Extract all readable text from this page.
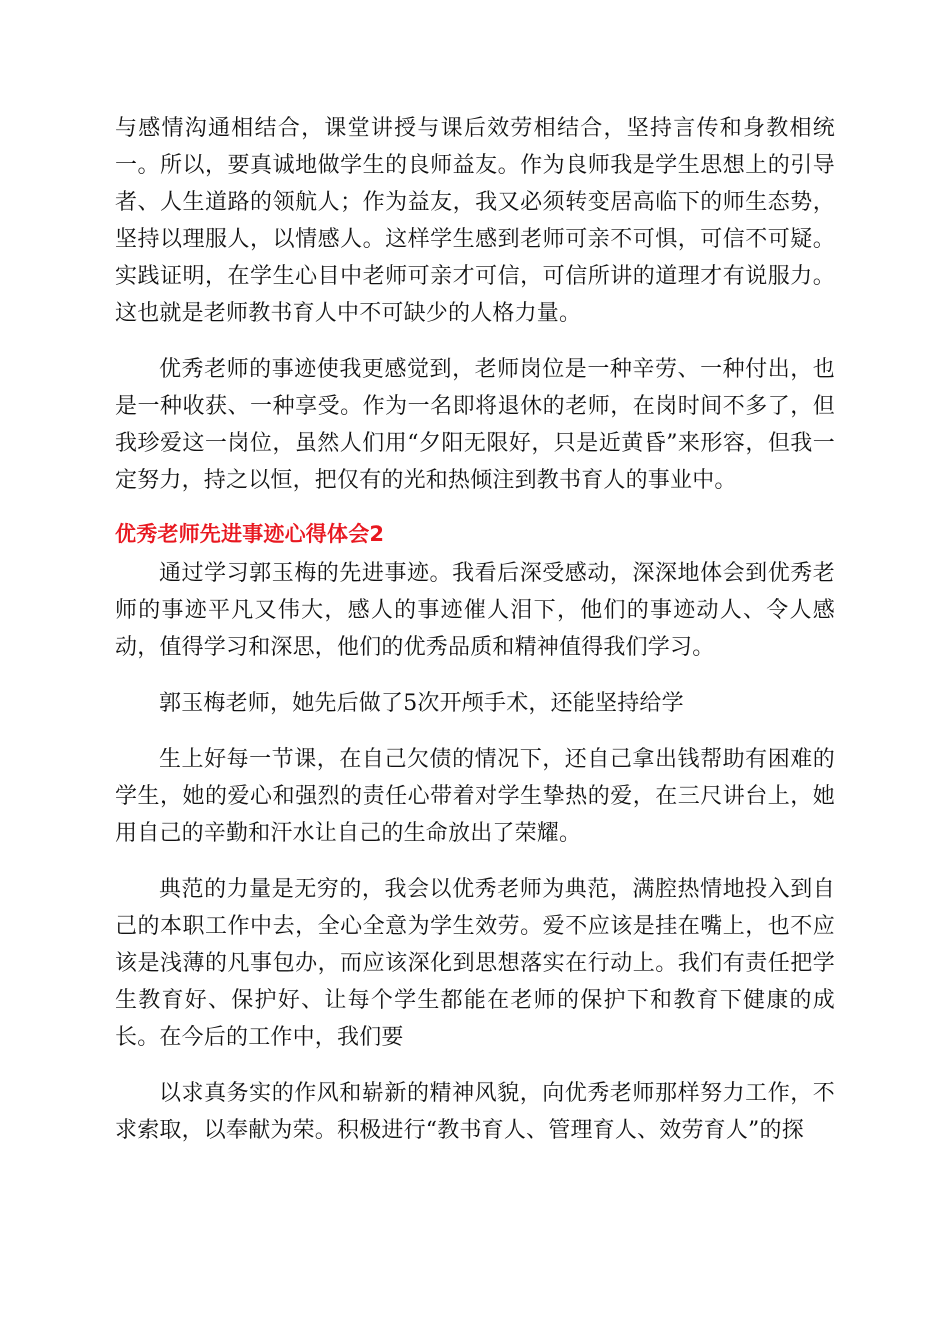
与感情沟通相结合，课堂讲授与课后效劳相结合，坚持言传和身教相统一。所以，要真诚地做学生的良师益友。作为良师我是学生思想上的引导者、人生道路的领航人；作为益友，我又必须转变居高临下的师生态势，坚持以理服人，以情感人。这样学生感到老师可亲不可惧，可信不可疑。实践证明，在学生心目中老师可亲才可信，可信所讲的道理才有说服力。这也就是老师教书育人中不可缺少的人格力量。

优秀老师的事迹使我更感觉到，老师岗位是一种辛劳、一种付出，也是一种收获、一种享受。作为一名即将退休的老师，在岗时间不多了，但我珍爱这一岗位，虽然人们用“夕阳无限好，只是近黄昏”来形容，但我一定努力，持之以恒，把仅有的光和热倾注到教书育人的事业中。

优秀老师先进事迹心得体会2

通过学习郭玉梅的先进事迹。我看后深受感动，深深地体会到优秀老师的事迹平凡又伟大，感人的事迹催人泪下，他们的事迹动人、令人感动，值得学习和深思，他们的优秀品质和精神值得我们学习。

郭玉梅老师，她先后做了5次开颅手术，还能坚持给学

生上好每一节课，在自己欠债的情况下，还自己拿出钱帮助有困难的学生，她的爱心和强烈的责任心带着对学生挚热的爱，在三尺讲台上，她用自己的辛勤和汗水让自己的生命放出了荣耀。

典范的力量是无穷的，我会以优秀老师为典范，满腔热情地投入到自己的本职工作中去，全心全意为学生效劳。爱不应该是挂在嘴上，也不应该是浅薄的凡事包办，而应该深化到思想落实在行动上。我们有责任把学生教育好、保护好、让每个学生都能在老师的保护下和教育下健康的成长。在今后的工作中，我们要

以求真务实的作风和崭新的精神风貌，向优秀老师那样努力工作，不求索取，以奉献为荣。积极进行“教书育人、管理育人、效劳育人”的探
